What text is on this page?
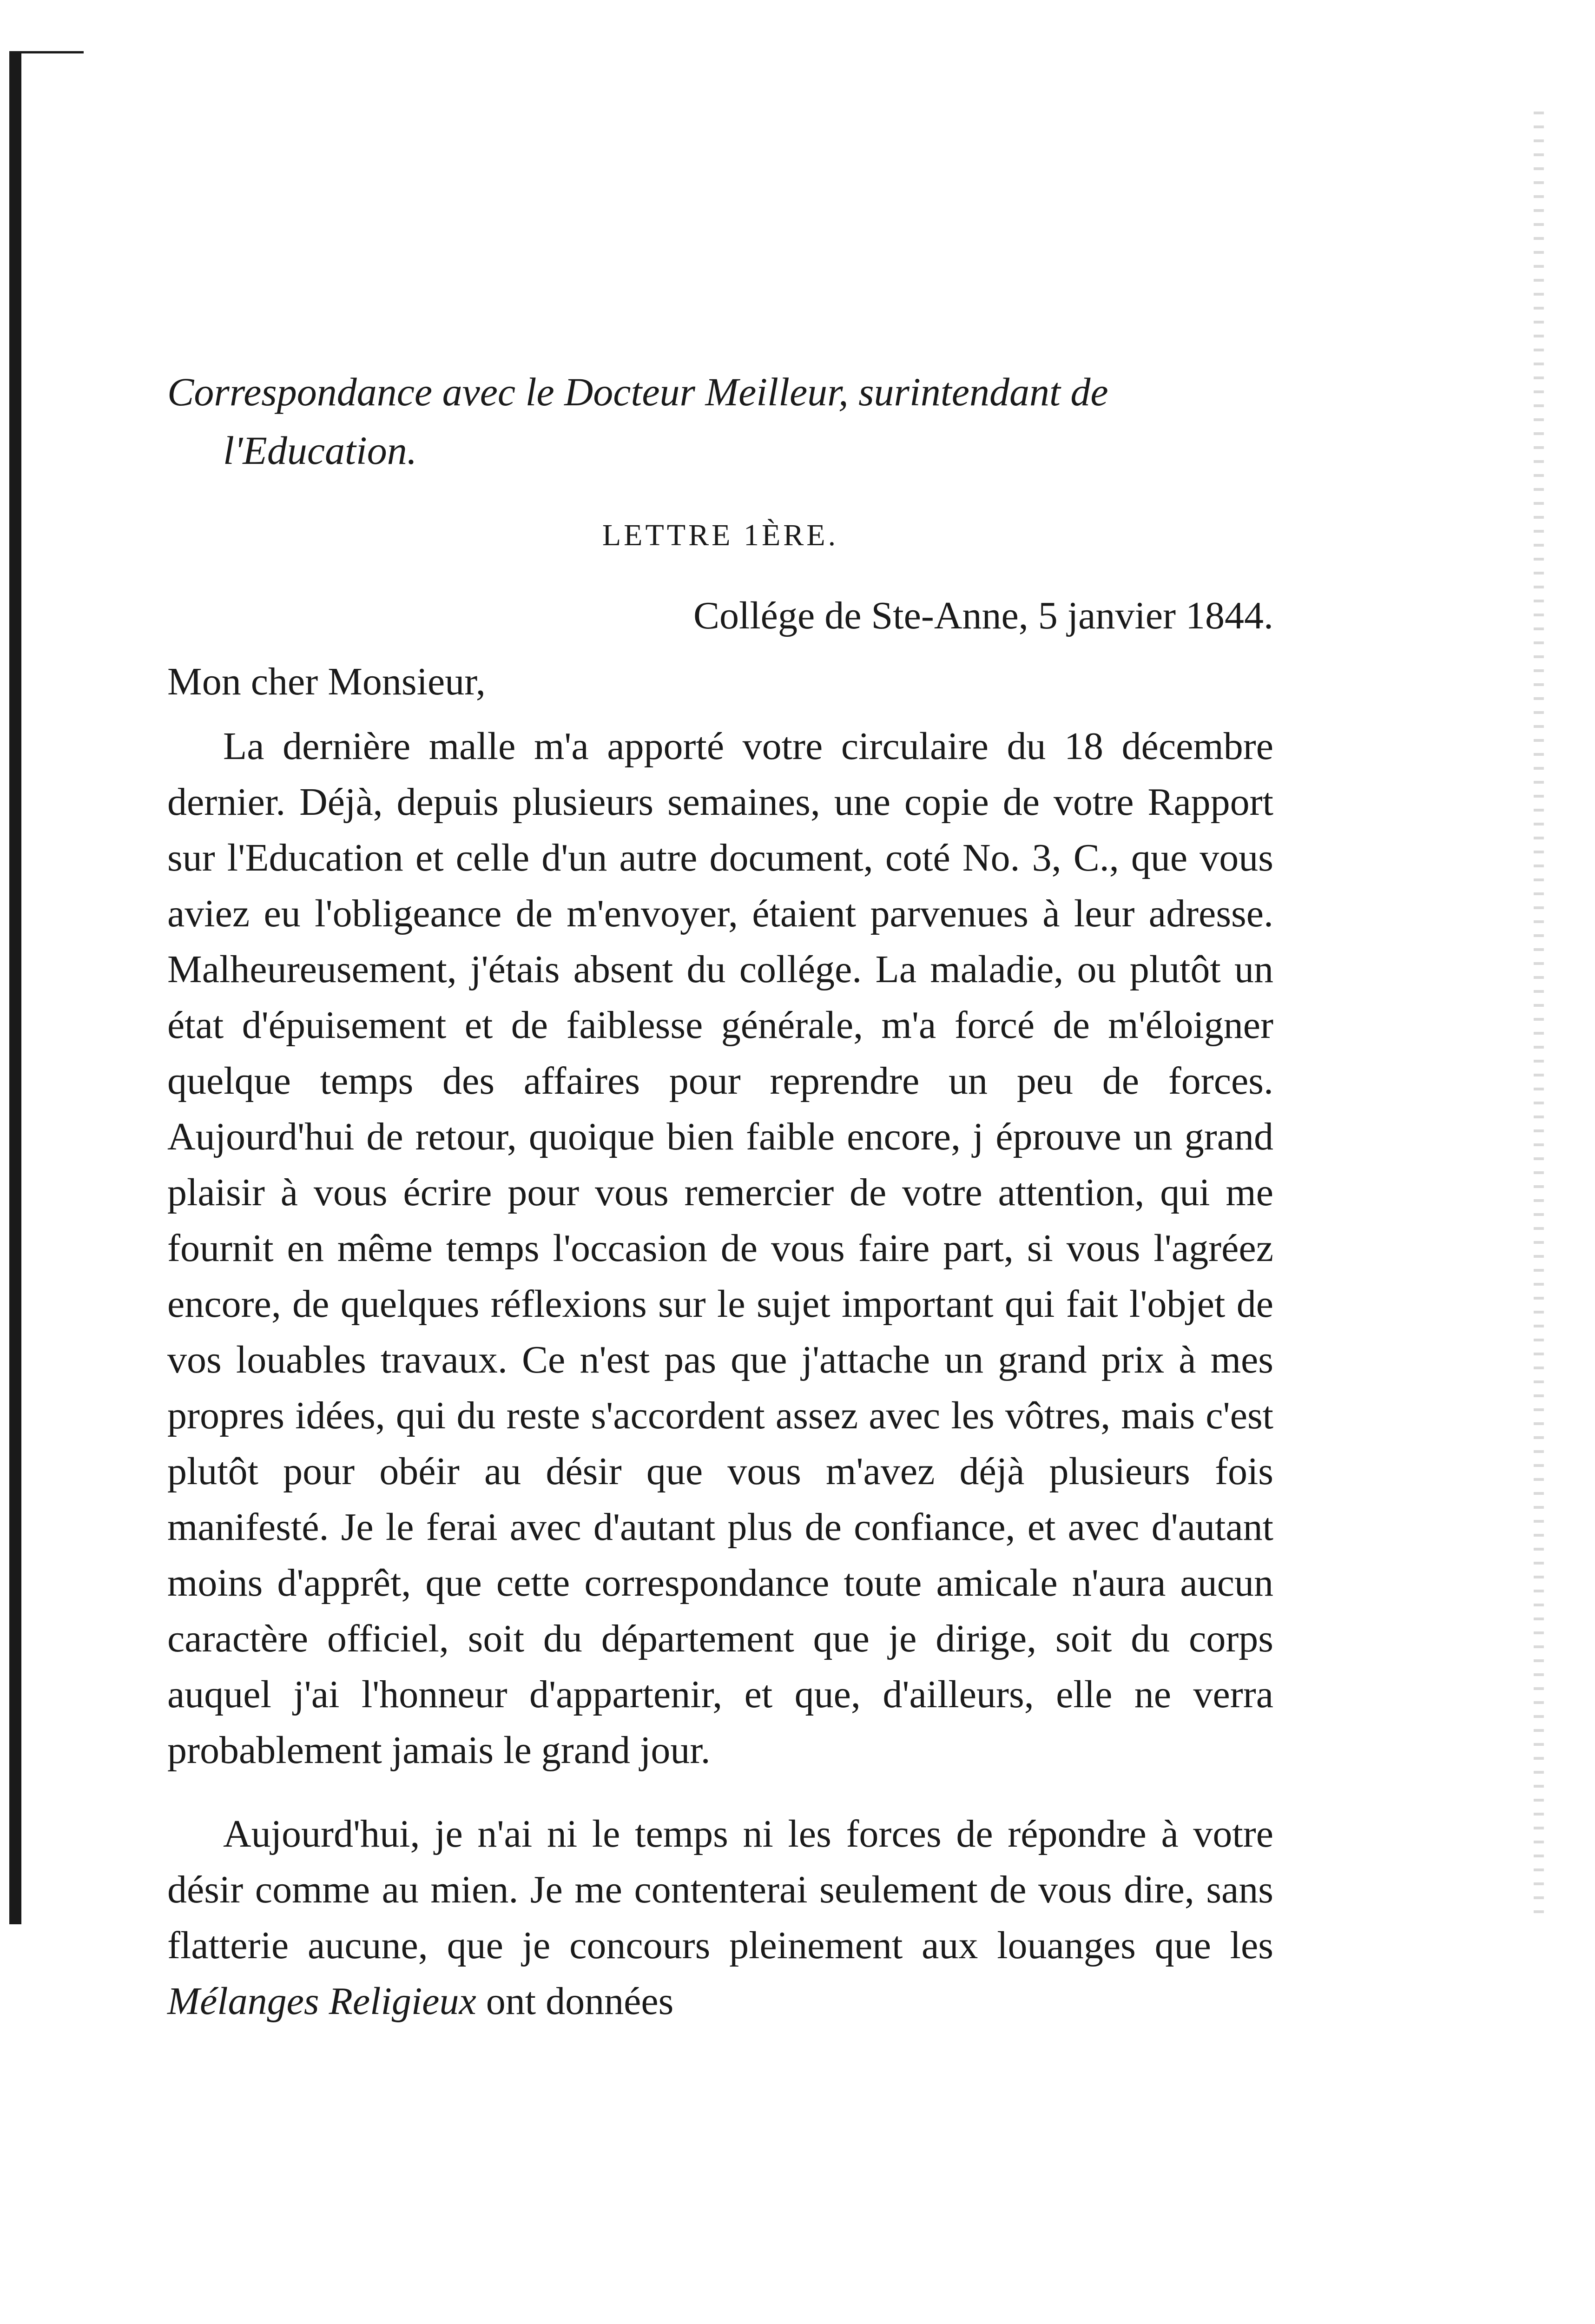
Correspondance avec le Docteur Meilleur, surintendant de

l'Education.

LETTRE 1ÈRE.

Collége de Ste-Anne, 5 janvier 1844.

Mon cher Monsieur,

La dernière malle m'a apporté votre circulaire du 18 décembre dernier. Déjà, depuis plusieurs semaines, une copie de votre Rapport sur l'Education et celle d'un autre document, coté No. 3, C., que vous aviez eu l'obligeance de m'envoyer, étaient parvenues à leur adresse. Malheureusement, j'étais absent du collége. La maladie, ou plutôt un état d'épuisement et de faiblesse générale, m'a forcé de m'éloigner quelque temps des affaires pour reprendre un peu de forces. Aujourd'hui de retour, quoique bien faible encore, j éprouve un grand plaisir à vous écrire pour vous remercier de votre attention, qui me fournit en même temps l'occasion de vous faire part, si vous l'agréez encore, de quelques réflexions sur le sujet important qui fait l'objet de vos louables travaux. Ce n'est pas que j'attache un grand prix à mes propres idées, qui du reste s'accordent assez avec les vôtres, mais c'est plutôt pour obéir au désir que vous m'avez déjà plusieurs fois manifesté. Je le ferai avec d'autant plus de confiance, et avec d'autant moins d'apprêt, que cette correspondance toute amicale n'aura aucun caractère officiel, soit du département que je dirige, soit du corps auquel j'ai l'honneur d'appartenir, et que, d'ailleurs, elle ne verra probablement jamais le grand jour.

Aujourd'hui, je n'ai ni le temps ni les forces de répondre à votre désir comme au mien. Je me contenterai seulement de vous dire, sans flatterie aucune, que je concours pleinement aux louanges que les Mélanges Religieux ont données
